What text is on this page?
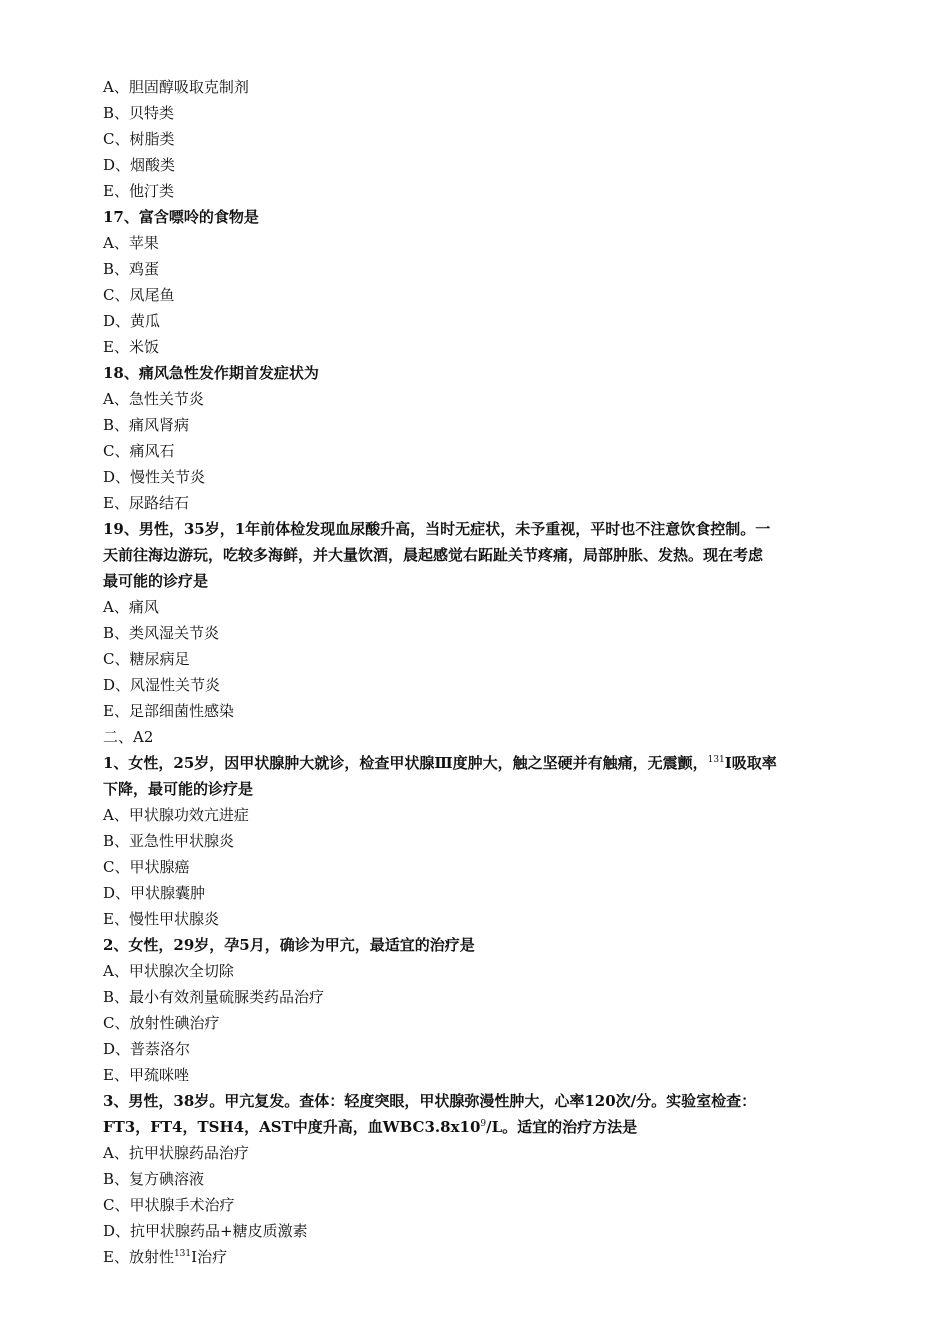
A、胆固醇吸取克制剂
B、贝特类
C、树脂类
D、烟酸类
E、他汀类
17、富含嘌呤的食物是
A、苹果
B、鸡蛋
C、凤尾鱼
D、黄瓜
E、米饭
18、痛风急性发作期首发症状为
A、急性关节炎
B、痛风肾病
C、痛风石
D、慢性关节炎
E、尿路结石
19、男性，35岁，1年前体检发现血尿酸升高，当时无症状，未予重视，平时也不注意饮食控制。一
天前往海边游玩，吃较多海鲜，并大量饮酒，晨起感觉右跖趾关节疼痛，局部肿胀、发热。现在考虑
最可能的诊疗是
A、痛风
B、类风湿关节炎
C、糖尿病足
D、风湿性关节炎
E、足部细菌性感染
二、A2
1、女性，25岁，因甲状腺肿大就诊，检查甲状腺Ⅲ度肿大，触之坚硬并有触痛，无震颤，$^{131}$I吸取率
下降，最可能的诊疗是
A、甲状腺功效亢进症
B、亚急性甲状腺炎
C、甲状腺癌
D、甲状腺囊肿
E、慢性甲状腺炎
2、女性，29岁，孕5月，确诊为甲亢，最适宜的治疗是
A、甲状腺次全切除
B、最小有效剂量硫脲类药品治疗
C、放射性碘治疗
D、普萘洛尔
E、甲巯咪唑
3、男性，38岁。甲亢复发。查体：轻度突眼，甲状腺弥漫性肿大，心率120次/分。实验室检查：
FT3，FT4，TSH4，AST中度升高，血$WBC3.8x10^9/L$。适宜的治疗方法是
A、抗甲状腺药品治疗
B、复方碘溶液
C、甲状腺手术治疗
D、抗甲状腺药品+糖皮质激素
E、放射性$^{131}$I治疗
